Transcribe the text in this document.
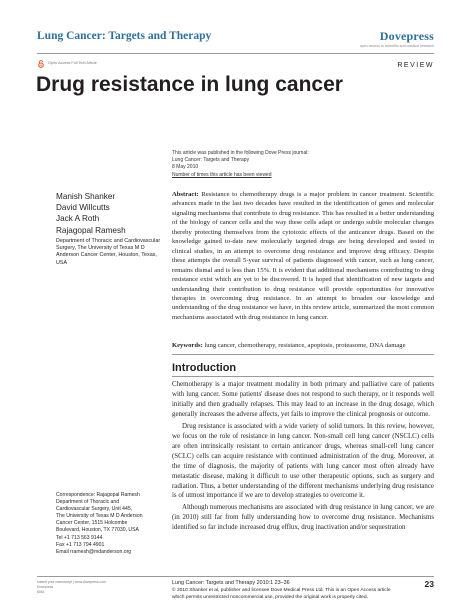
Lung Cancer: Targets and Therapy	Dovepress
open access to scientific and medical research
Open Access Full Text Article	REVIEW
Drug resistance in lung cancer
This article was published in the following Dove Press journal:
Lung Cancer: Targets and Therapy
8 May 2010
Number of times this article has been viewed
Manish Shanker
David Willcutts
Jack A Roth
Rajagopal Ramesh
Department of Thoracic and Cardiovascular Surgery, The University of Texas M D Anderson Cancer Center, Houston, Texas, USA
Abstract: Resistance to chemotherapy drugs is a major problem in cancer treatment. Scientific advances made in the last two decades have resulted in the identification of genes and molecular signaling mechanisms that contribute to drug resistance. This has resulted in a better understanding of the biology of cancer cells and the way these cells adapt or undergo subtle molecular changes thereby protecting themselves from the cytotoxic effects of the anticancer drugs. Based on the knowledge gained to-date new molecularly targeted drugs are being developed and tested in clinical studies, in an attempt to overcome drug resistance and improve drug efficacy. Despite these attempts the overall 5-year survival of patients diagnosed with cancer, such as lung cancer, remains dismal and is less than 15%. It is evident that additional mechanisms contributing to drug resistance exist which are yet to be discovered. It is hoped that identification of new targets and understanding their contribution to drug resistance will provide opportunities for innovative therapies in overcoming drug resistance. In an attempt to broaden our knowledge and understanding of the drug resistance we have, in this review article, summarized the most common mechanisms associated with drug resistance in lung cancer.
Keywords: lung cancer, chemotherapy, resistance, apoptosis, proteasome, DNA damage
Introduction

Chemotherapy is a major treatment modality in both primary and palliative care of patients with lung cancer. Some patients' disease does not respond to such therapy, or it responds well initially and then gradually relapses. This may lead to an increase in the drug dosage, which generally increases the adverse affects, yet fails to improve the clinical prognosis or outcome.

Drug resistance is associated with a wide variety of solid tumors. In this review, however, we focus on the role of resistance in lung cancer. Non-small cell lung cancer (NSCLC) cells are often intrinsically resistant to certain anticancer drugs, whereas small-cell lung cancer (SCLC) cells can acquire resistance with continued administration of the drug. Moreover, at the time of diagnosis, the majority of patients with lung cancer most often already have metastatic disease, making it difficult to use other therapeutic options, such as surgery and radiation. Thus, a better understanding of the different mechanisms underlying drug resistance is of utmost importance if we are to develop strategies to overcome it.

Although numerous mechanisms are associated with drug resistance in lung cancer, we are (in 2010) still far from fully understanding how to overcome drug resistance. Mechanisms identified so far include increased drug efflux, drug inactivation and/or sequestration

Correspondence: Rajagopal Ramesh
Department of Thoracic and
Cardiovascular Surgery, Unit 445,
The University of Texas M D Anderson
Cancer Center, 1515 Holcombe
Boulevard, Houston, TX 77030, USA
Tel +1 713 563 9144
Fax +1 713 794 4901
Email rramesh@mdanderson.org
submit your manuscript | www.dovepress.com
Dovepress
6061
Lung Cancer: Targets and Therapy 2010:1 23–36
© 2010 Shanker et al, publisher and licensee Dove Medical Press Ltd. This is an Open Access article
which permits unrestricted noncommercial use, provided the original work is properly cited.
23
